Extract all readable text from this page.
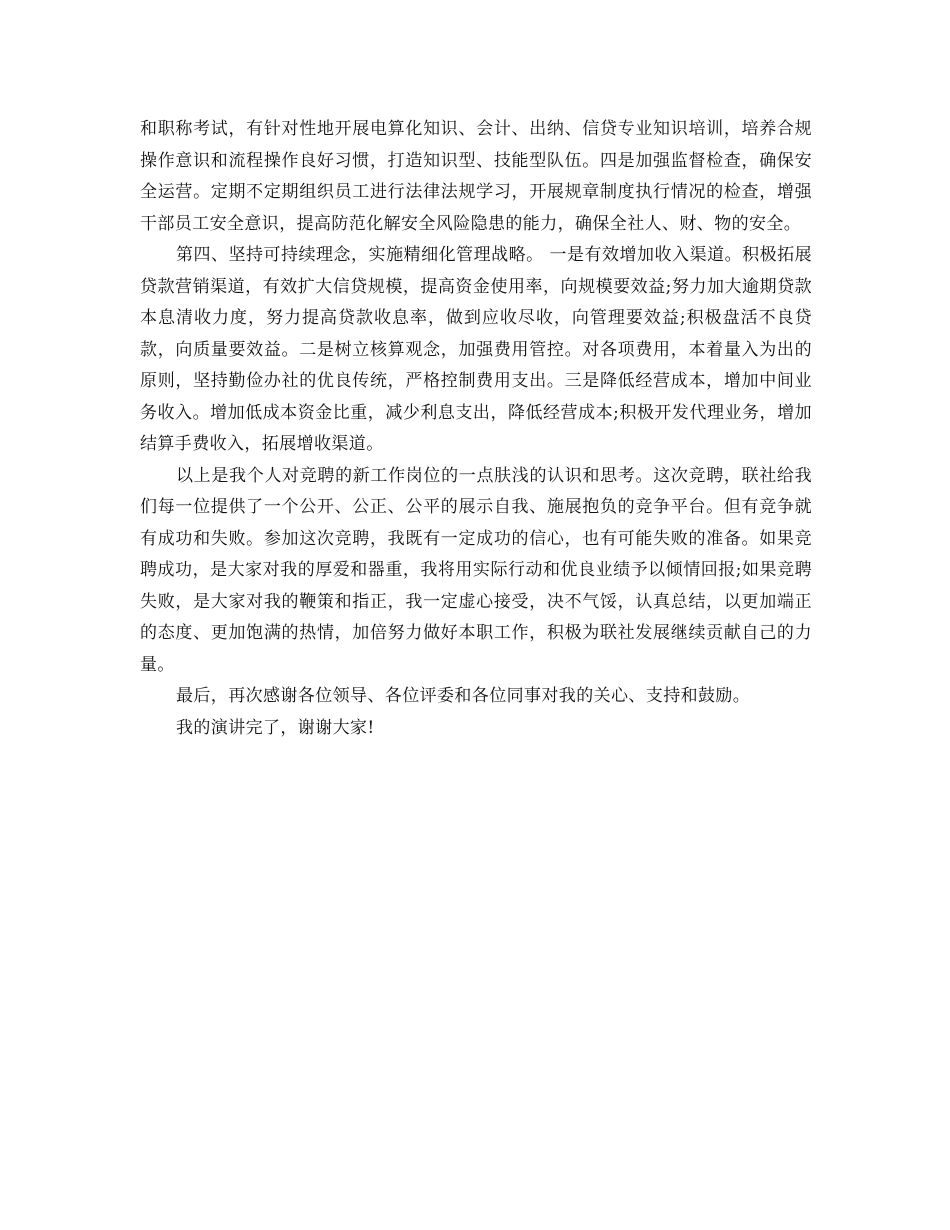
和职称考试，有针对性地开展电算化知识、会计、出纳、信贷专业知识培训，培养合规操作意识和流程操作良好习惯，打造知识型、技能型队伍。四是加强监督检查，确保安全运营。定期不定期组织员工进行法律法规学习，开展规章制度执行情况的检查，增强干部员工安全意识，提高防范化解安全风险隐患的能力，确保全社人、财、物的安全。

第四、坚持可持续理念，实施精细化管理战略。 一是有效增加收入渠道。积极拓展贷款营销渠道，有效扩大信贷规模，提高资金使用率，向规模要效益;努力加大逾期贷款本息清收力度，努力提高贷款收息率，做到应收尽收，向管理要效益;积极盘活不良贷款，向质量要效益。二是树立核算观念，加强费用管控。对各项费用，本着量入为出的原则，坚持勤俭办社的优良传统，严格控制费用支出。三是降低经营成本，增加中间业务收入。增加低成本资金比重，减少利息支出，降低经营成本;积极开发代理业务，增加结算手费收入，拓展增收渠道。

以上是我个人对竞聘的新工作岗位的一点肤浅的认识和思考。这次竞聘，联社给我们每一位提供了一个公开、公正、公平的展示自我、施展抱负的竞争平台。但有竞争就有成功和失败。参加这次竞聘，我既有一定成功的信心，也有可能失败的准备。如果竞聘成功，是大家对我的厚爱和器重，我将用实际行动和优良业绩予以倾情回报;如果竞聘失败，是大家对我的鞭策和指正，我一定虚心接受，决不气馁，认真总结，以更加端正的态度、更加饱满的热情，加倍努力做好本职工作，积极为联社发展继续贡献自己的力量。

最后，再次感谢各位领导、各位评委和各位同事对我的关心、支持和鼓励。

我的演讲完了，谢谢大家!
